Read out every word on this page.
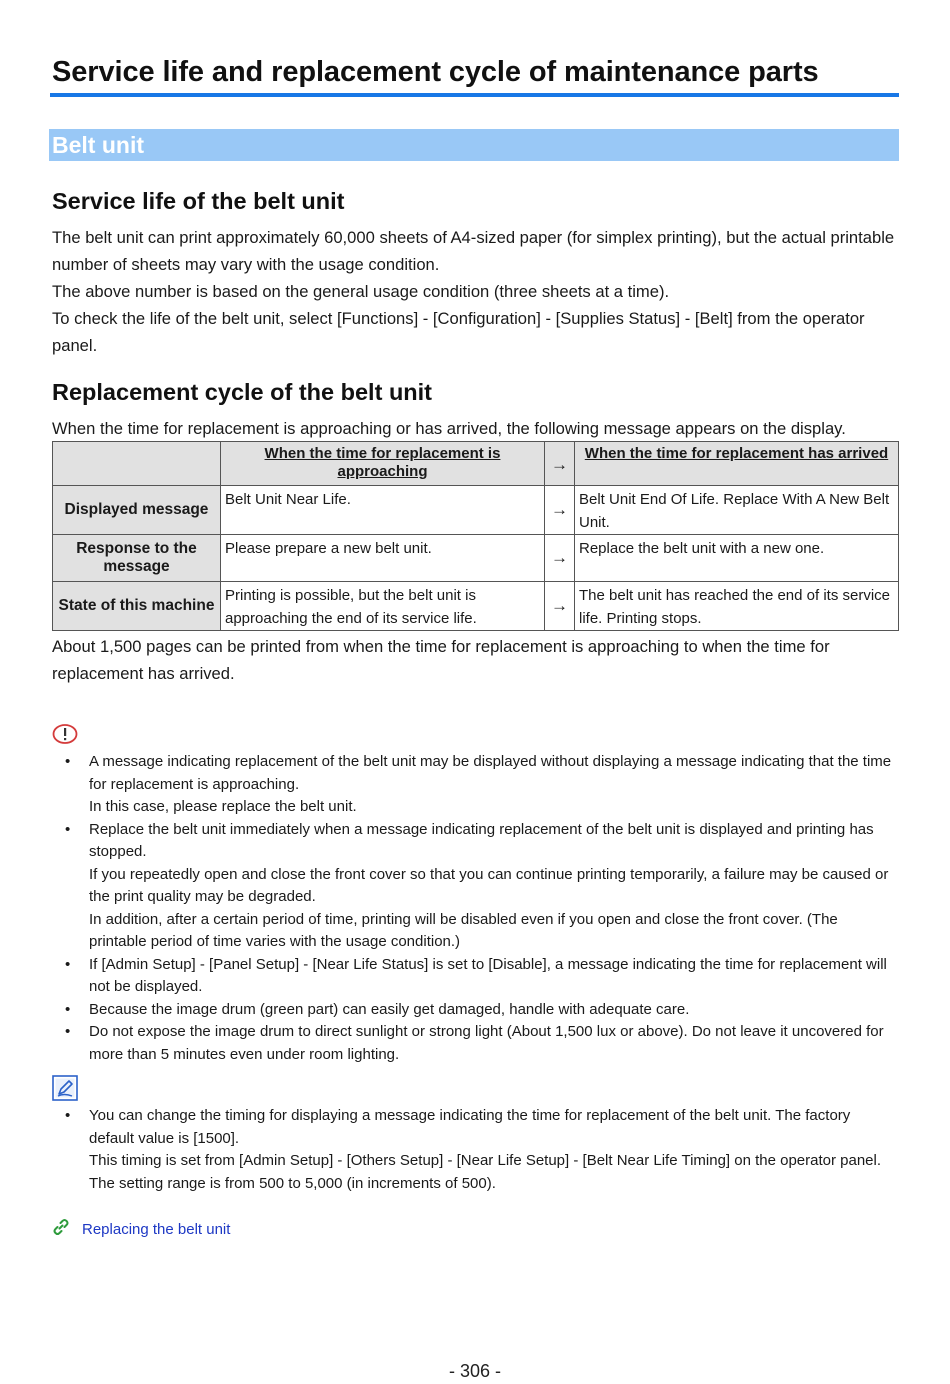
Service life and replacement cycle of maintenance parts
Belt unit
Service life of the belt unit

The belt unit can print approximately 60,000 sheets of A4-sized paper (for simplex printing), but the actual printable number of sheets may vary with the usage condition.

The above number is based on the general usage condition (three sheets at a time).

To check the life of the belt unit, select [Functions] - [Configuration] - [Supplies Status] - [Belt] from the operator panel.

Replacement cycle of the belt unit
When the time for replacement is approaching or has arrived, the following message appears on the display.
	When the time for replacement is approaching	→	When the time for replacement has arrived
Displayed message	Belt Unit Near Life.	→	Belt Unit End Of Life. Replace With A New Belt Unit.
Response to the message	Please prepare a new belt unit.	→	Replace the belt unit with a new one.
State of this machine	Printing is possible, but the belt unit is approaching the end of its service life.	→	The belt unit has reached the end of its service life. Printing stops.
About 1,500 pages can be printed from when the time for replacement is approaching to when the time for replacement has arrived.
• A message indicating replacement of the belt unit may be displayed without displaying a message indicating that the time for replacement is approaching.
In this case, please replace the belt unit.
• Replace the belt unit immediately when a message indicating replacement of the belt unit is displayed and printing has stopped.
If you repeatedly open and close the front cover so that you can continue printing temporarily, a failure may be caused or the print quality may be degraded.
In addition, after a certain period of time, printing will be disabled even if you open and close the front cover. (The printable period of time varies with the usage condition.)
• If [Admin Setup] - [Panel Setup] - [Near Life Status] is set to [Disable], a message indicating the time for replacement will not be displayed.
• Because the image drum (green part) can easily get damaged, handle with adequate care.
• Do not expose the image drum to direct sunlight or strong light (About 1,500 lux or above). Do not leave it uncovered for more than 5 minutes even under room lighting.
• You can change the timing for displaying a message indicating the time for replacement of the belt unit. The factory default value is [1500].
This timing is set from [Admin Setup] - [Others Setup] - [Near Life Setup] - [Belt Near Life Timing] on the operator panel.
The setting range is from 500 to 5,000 (in increments of 500).
Replacing the belt unit
- 306 -
